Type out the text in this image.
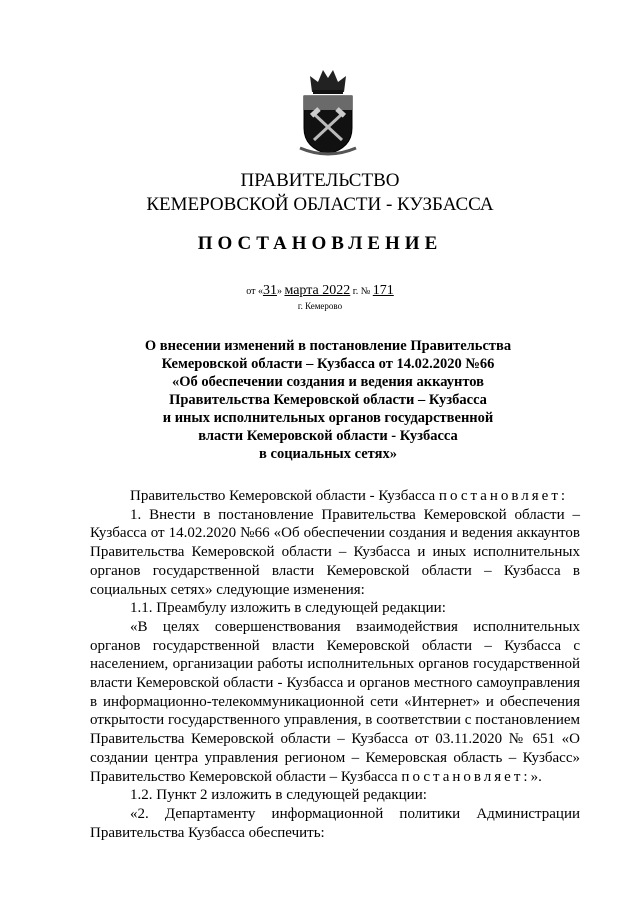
ПРАВИТЕЛЬСТВО
КЕМЕРОВСКОЙ ОБЛАСТИ - КУЗБАССА
ПОСТАНОВЛЕНИЕ
от «31» марта 2022 г. № 171
г. Кемерово
О внесении изменений в постановление Правительства
Кемеровской области – Кузбасса от 14.02.2020 №66
«Об обеспечении создания и ведения аккаунтов
Правительства Кемеровской области – Кузбасса
и иных исполнительных органов государственной
власти Кемеровской области - Кузбасса
в социальных сетях»

Правительство Кемеровской области - Кузбасса постановляет:

1. Внести в постановление Правительства Кемеровской области – Кузбасса от 14.02.2020 №66 «Об обеспечении создания и ведения аккаунтов Правительства Кемеровской области – Кузбасса и иных исполнительных органов государственной власти Кемеровской области – Кузбасса в социальных сетях» следующие изменения:

1.1. Преамбулу изложить в следующей редакции:

«В целях совершенствования взаимодействия исполнительных органов государственной власти Кемеровской области – Кузбасса с населением, организации работы исполнительных органов государственной власти Кемеровской области - Кузбасса и органов местного самоуправления в информационно-телекоммуникационной сети «Интернет» и обеспечения открытости государственного управления, в соответствии с постановлением Правительства Кемеровской области – Кузбасса от 03.11.2020 № 651 «О создании центра управления регионом – Кемеровская область – Кузбасс» Правительство Кемеровской области – Кузбасса постановляет:».

1.2. Пункт 2 изложить в следующей редакции:

«2. Департаменту информационной политики Администрации Правительства Кузбасса обеспечить:
